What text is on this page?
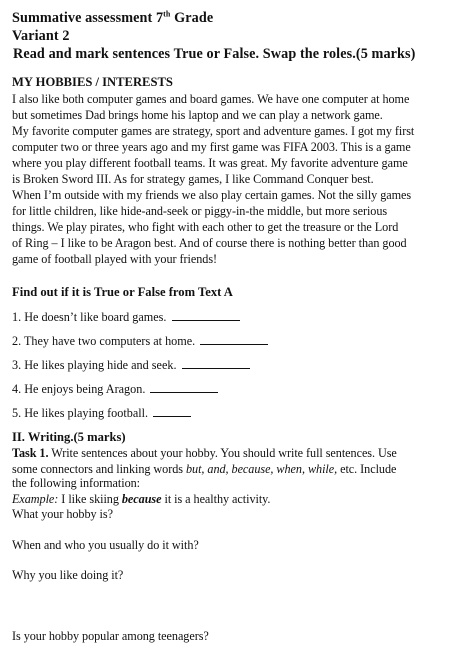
Summative assessment 7th Grade
Variant 2
Read and mark sentences True or False. Swap the roles.(5 marks)
MY HOBBIES / INTERESTS
I also like both computer games and board games. We have one computer at home
but sometimes Dad brings home his laptop and we can play a network game.
My favorite computer games are strategy, sport and adventure games. I got my first
computer two or three years ago and my first game was FIFA 2003. This is a game
where you play different football teams. It was great. My favorite adventure game
is Broken Sword III. As for strategy games, I like Command Conquer best.
When I’m outside with my friends we also play certain games. Not the silly games
for little children, like hide-and-seek or piggy-in-the middle, but more serious
things. We play pirates, who fight with each other to get the treasure or the Lord
of Ring – I like to be Aragon best. And of course there is nothing better than good
game of football played with your friends!
Find out if it is True or False from Text A
1. He doesn’t like board games.
2. They have two computers at home.
3. He likes playing hide and seek.
4. He enjoys being Aragon.
5. He likes playing football.
II. Writing.(5 marks)
Task 1. Write sentences about your hobby. You should write full sentences. Use
some connectors and linking words but, and, because, when, while, etc. Include
the following information:
Example: I like skiing because it is a healthy activity.
What your hobby is?
When and who you usually do it with?
Why you like doing it?
Is your hobby popular among teenagers?
